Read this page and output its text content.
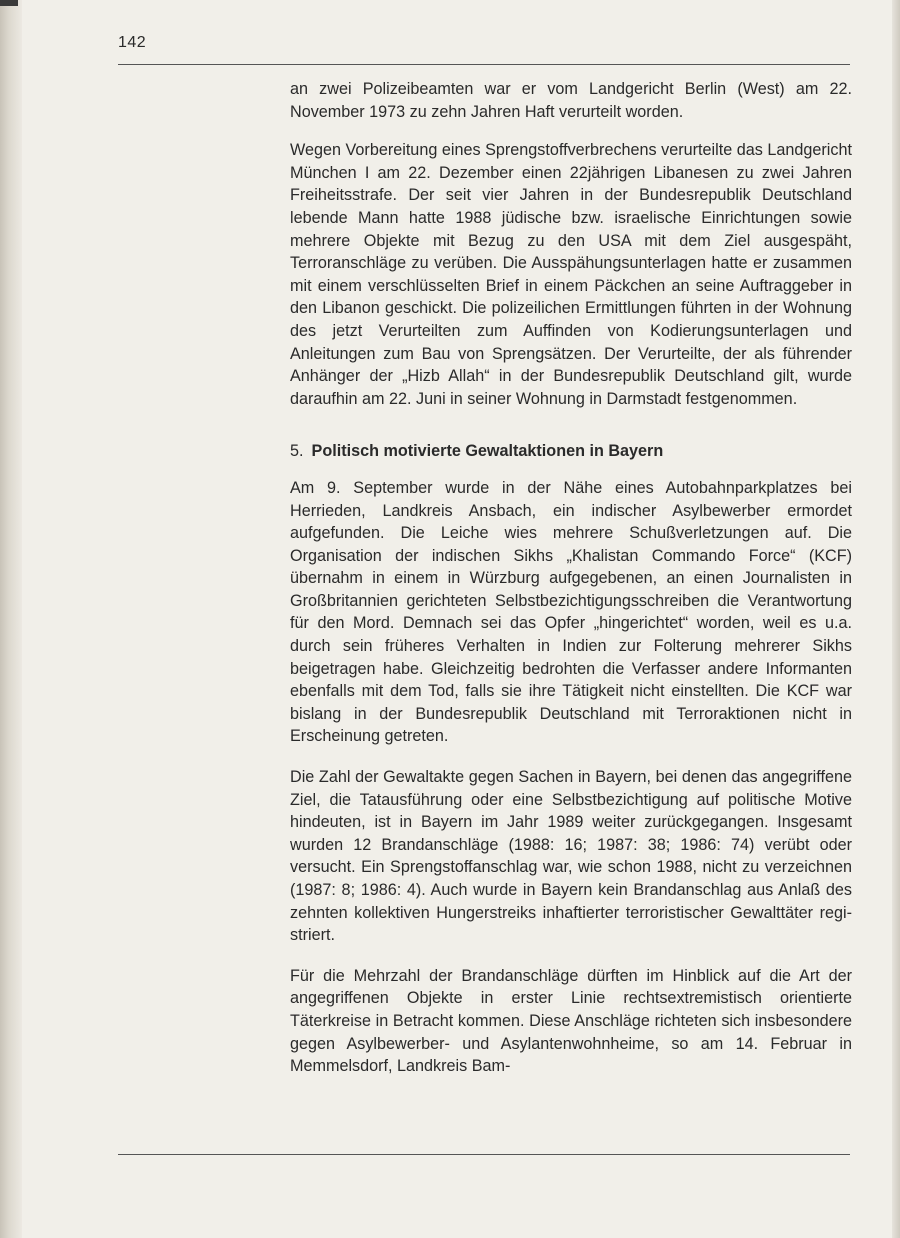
142

an zwei Polizeibeamten war er vom Landgericht Berlin (West) am 22. November 1973 zu zehn Jahren Haft verurteilt worden.

Wegen Vorbereitung eines Sprengstoffverbrechens verurteilte das Landgericht München I am 22. Dezember einen 22jährigen Libanesen zu zwei Jahren Freiheitsstrafe. Der seit vier Jahren in der Bundesrepublik Deutschland lebende Mann hatte 1988 jüdische bzw. israelische Einrichtungen sowie mehrere Objekte mit Bezug zu den USA mit dem Ziel ausgespäht, Terroranschläge zu verüben. Die Ausspähungsunterlagen hatte er zusammen mit einem verschlüsselten Brief in einem Päckchen an seine Auftraggeber in den Libanon geschickt. Die polizeilichen Ermittlungen führten in der Wohnung des jetzt Verurteilten zum Auffinden von Kodierungsunterlagen und Anleitungen zum Bau von Sprengsätzen. Der Verurteilte, der als führender Anhänger der „Hizb Allah“ in der Bundesrepublik Deutschland gilt, wurde daraufhin am 22. Juni in seiner Wohnung in Darmstadt festgenommen.

5. Politisch motivierte Gewaltaktionen in Bayern

Am 9. September wurde in der Nähe eines Autobahnparkplatzes bei Herrieden, Landkreis Ansbach, ein indischer Asylbewerber ermordet aufgefunden. Die Leiche wies mehrere Schußverletzungen auf. Die Organisation der indischen Sikhs „Khalistan Commando Force“ (KCF) übernahm in einem in Würzburg aufgegebenen, an einen Journalisten in Großbritannien gerichteten Selbstbezichtigungsschreiben die Verantwortung für den Mord. Demnach sei das Opfer „hingerichtet“ worden, weil es u.a. durch sein früheres Verhalten in Indien zur Folterung mehrerer Sikhs beigetragen habe. Gleichzeitig bedrohten die Verfasser andere Informanten ebenfalls mit dem Tod, falls sie ihre Tätigkeit nicht einstellten. Die KCF war bislang in der Bundesrepublik Deutschland mit Terroraktionen nicht in Erscheinung getreten.

Die Zahl der Gewaltakte gegen Sachen in Bayern, bei denen das angegriffene Ziel, die Tatausführung oder eine Selbstbezichtigung auf politische Motive hindeuten, ist in Bayern im Jahr 1989 weiter zurückgegangen. Insgesamt wurden 12 Brandanschläge (1988: 16; 1987: 38; 1986: 74) verübt oder versucht. Ein Sprengstoffanschlag war, wie schon 1988, nicht zu verzeichnen (1987: 8; 1986: 4). Auch wurde in Bayern kein Brandanschlag aus Anlaß des zehnten kollektiven Hungerstreiks inhaftierter terroristischer Gewalttäter registriert.

Für die Mehrzahl der Brandanschläge dürften im Hinblick auf die Art der angegriffenen Objekte in erster Linie rechtsextremistisch orientierte Täterkreise in Betracht kommen. Diese Anschläge richteten sich insbesondere gegen Asylbewerber- und Asylantenwohnheime, so am 14. Februar in Memmelsdorf, Landkreis Bam-
